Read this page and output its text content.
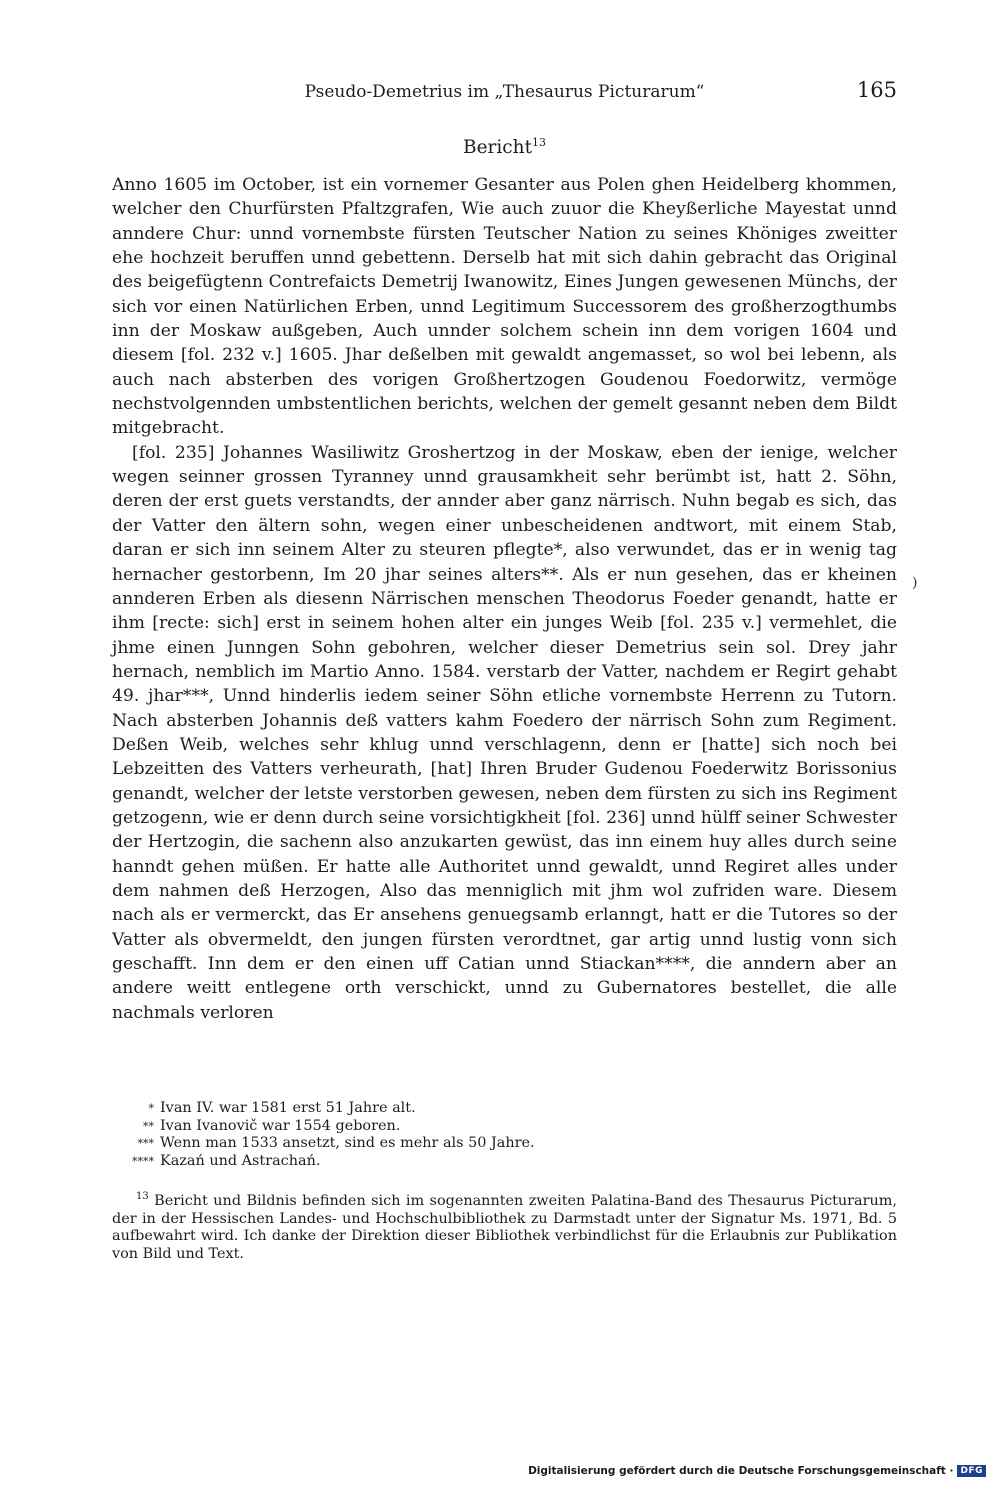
Pseudo-Demetrius im „Thesaurus Picturarum“	165
Bericht$^{13}$

Anno 1605 im October, ist ein vornemer Gesanter aus Polen ghen Heidelberg khommen, welcher den Churfürsten Pfaltzgrafen, Wie auch zuuor die Kheyßerliche Mayestat unnd anndere Chur: unnd vornembste fürsten Teutscher Nation zu seines Khöniges zweitter ehe hochzeit beruffen unnd gebettenn. Derselb hat mit sich dahin gebracht das Original des beigefügtenn Contrefaicts Demetrij Iwanowitz, Eines Jungen gewesenen Münchs, der sich vor einen Natürlichen Erben, unnd Legitimum Successorem des großherzogthumbs inn der Moskaw außgeben, Auch unnder solchem schein inn dem vorigen 1604 und diesem [fol. 232 v.] 1605. Jhar deßelben mit gewaldt angemasset, so wol bei lebenn, als auch nach absterben des vorigen Großhertzogen Goudenou Foedorwitz, vermöge nechstvolgennden umbstentlichen berichts, welchen der gemelt gesannt neben dem Bildt mitgebracht.

[fol. 235] Johannes Wasiliwitz Groshertzog in der Moskaw, eben der ienige, welcher wegen seinner grossen Tyranney unnd grausamkheit sehr berümbt ist, hatt 2. Söhn, deren der erst guets verstandts, der annder aber ganz närrisch. Nuhn begab es sich, das der Vatter den ältern sohn, wegen einer unbescheidenen andtwort, mit einem Stab, daran er sich inn seinem Alter zu steuren pflegte*, also verwundet, das er in wenig tag hernacher gestorbenn, Im 20 jhar seines alters**. Als er nun gesehen, das er kheinen annderen Erben als diesenn Närrischen menschen Theodorus Foeder genandt, hatte er ihm [recte: sich] erst in seinem hohen alter ein junges Weib [fol. 235 v.] vermehlet, die jhme einen Junngen Sohn gebohren, welcher dieser Demetrius sein sol. Drey jahr hernach, nemblich im Martio Anno. 1584. verstarb der Vatter, nachdem er Regirt gehabt 49. jhar***, Unnd hinderlis iedem seiner Söhn etliche vornembste Herrenn zu Tutorn. Nach absterben Johannis deß vatters kahm Foedero der närrisch Sohn zum Regiment. Deßen Weib, welches sehr khlug unnd verschlagenn, denn er [hatte] sich noch bei Lebzeitten des Vatters verheurath, [hat] Ihren Bruder Gudenou Foederwitz Borissonius genandt, welcher der letste verstorben gewesen, neben dem fürsten zu sich ins Regiment getzogenn, wie er denn durch seine vorsichtigkheit [fol. 236] unnd hülff seiner Schwester der Hertzogin, die sachenn also anzukarten gewüst, das inn einem huy alles durch seine hanndt gehen müßen. Er hatte alle Authoritet unnd gewaldt, unnd Regiret alles under dem nahmen deß Herzogen, Also das menniglich mit jhm wol zufriden ware. Diesem nach als er vermerckt, das Er ansehens genuegsamb erlanngt, hatt er die Tutores so der Vatter als obvermeldt, den jungen fürsten verordtnet, gar artig unnd lustig vonn sich geschafft. Inn dem er den einen uff Catian unnd Stiackan****, die anndern aber an andere weitt entlegene orth verschickt, unnd zu Gubernatores bestellet, die alle nachmals verloren

)
* Ivan IV. war 1581 erst 51 Jahre alt.
** Ivan Ivanovič war 1554 geboren.
*** Wenn man 1533 ansetzt, sind es mehr als 50 Jahre.
**** Kazań und Astrachań.
$^{13}$ Bericht und Bildnis befinden sich im sogenannten zweiten Palatina-Band des Thesaurus Picturarum, der in der Hessischen Landes- und Hochschulbibliothek zu Darmstadt unter der Signatur Ms. 1971, Bd. 5 aufbewahrt wird. Ich danke der Direktion dieser Bibliothek verbindlichst für die Erlaubnis zur Publikation von Bild und Text.
Digitalisierung gefördert durch die Deutsche Forschungsgemeinschaft · DFG
